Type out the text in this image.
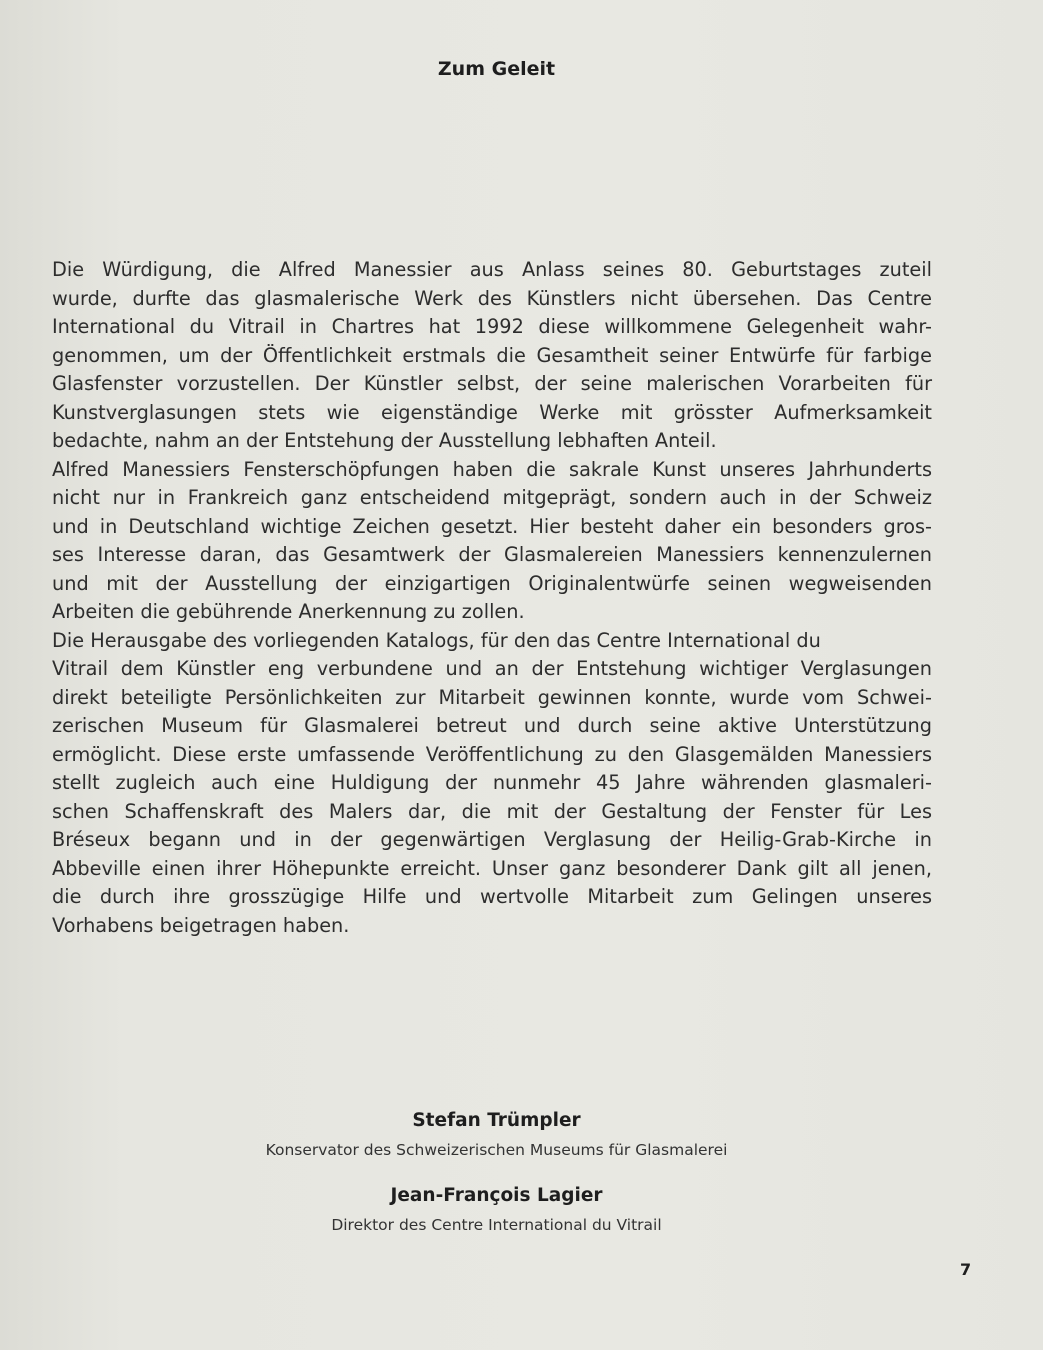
Zum Geleit
Die Würdigung, die Alfred Manessier aus Anlass seines 80. Geburtstages zuteil
wurde, durfte das glasmalerische Werk des Künstlers nicht übersehen. Das Centre
International du Vitrail in Chartres hat 1992 diese willkommene Gelegenheit wahr-
genommen, um der Öffentlichkeit erstmals die Gesamtheit seiner Entwürfe für farbige
Glasfenster vorzustellen. Der Künstler selbst, der seine malerischen Vorarbeiten für
Kunstverglasungen stets wie eigenständige Werke mit grösster Aufmerksamkeit
bedachte, nahm an der Entstehung der Ausstellung lebhaften Anteil.
Alfred Manessiers Fensterschöpfungen haben die sakrale Kunst unseres Jahrhunderts
nicht nur in Frankreich ganz entscheidend mitgeprägt, sondern auch in der Schweiz
und in Deutschland wichtige Zeichen gesetzt. Hier besteht daher ein besonders gros-
ses Interesse daran, das Gesamtwerk der Glasmalereien Manessiers kennenzulernen
und mit der Ausstellung der einzigartigen Originalentwürfe seinen wegweisenden
Arbeiten die gebührende Anerkennung zu zollen.
Die Herausgabe des vorliegenden Katalogs, für den das Centre International du
Vitrail dem Künstler eng verbundene und an der Entstehung wichtiger Verglasungen
direkt beteiligte Persönlichkeiten zur Mitarbeit gewinnen konnte, wurde vom Schwei-
zerischen Museum für Glasmalerei betreut und durch seine aktive Unterstützung
ermöglicht. Diese erste umfassende Veröffentlichung zu den Glasgemälden Manessiers
stellt zugleich auch eine Huldigung der nunmehr 45 Jahre währenden glasmaleri-
schen Schaffenskraft des Malers dar, die mit der Gestaltung der Fenster für Les
Bréseux begann und in der gegenwärtigen Verglasung der Heilig-Grab-Kirche in
Abbeville einen ihrer Höhepunkte erreicht. Unser ganz besonderer Dank gilt all jenen,
die durch ihre grosszügige Hilfe und wertvolle Mitarbeit zum Gelingen unseres
Vorhabens beigetragen haben.
Stefan Trümpler
Konservator des Schweizerischen Museums für Glasmalerei
Jean-François Lagier
Direktor des Centre International du Vitrail
7
